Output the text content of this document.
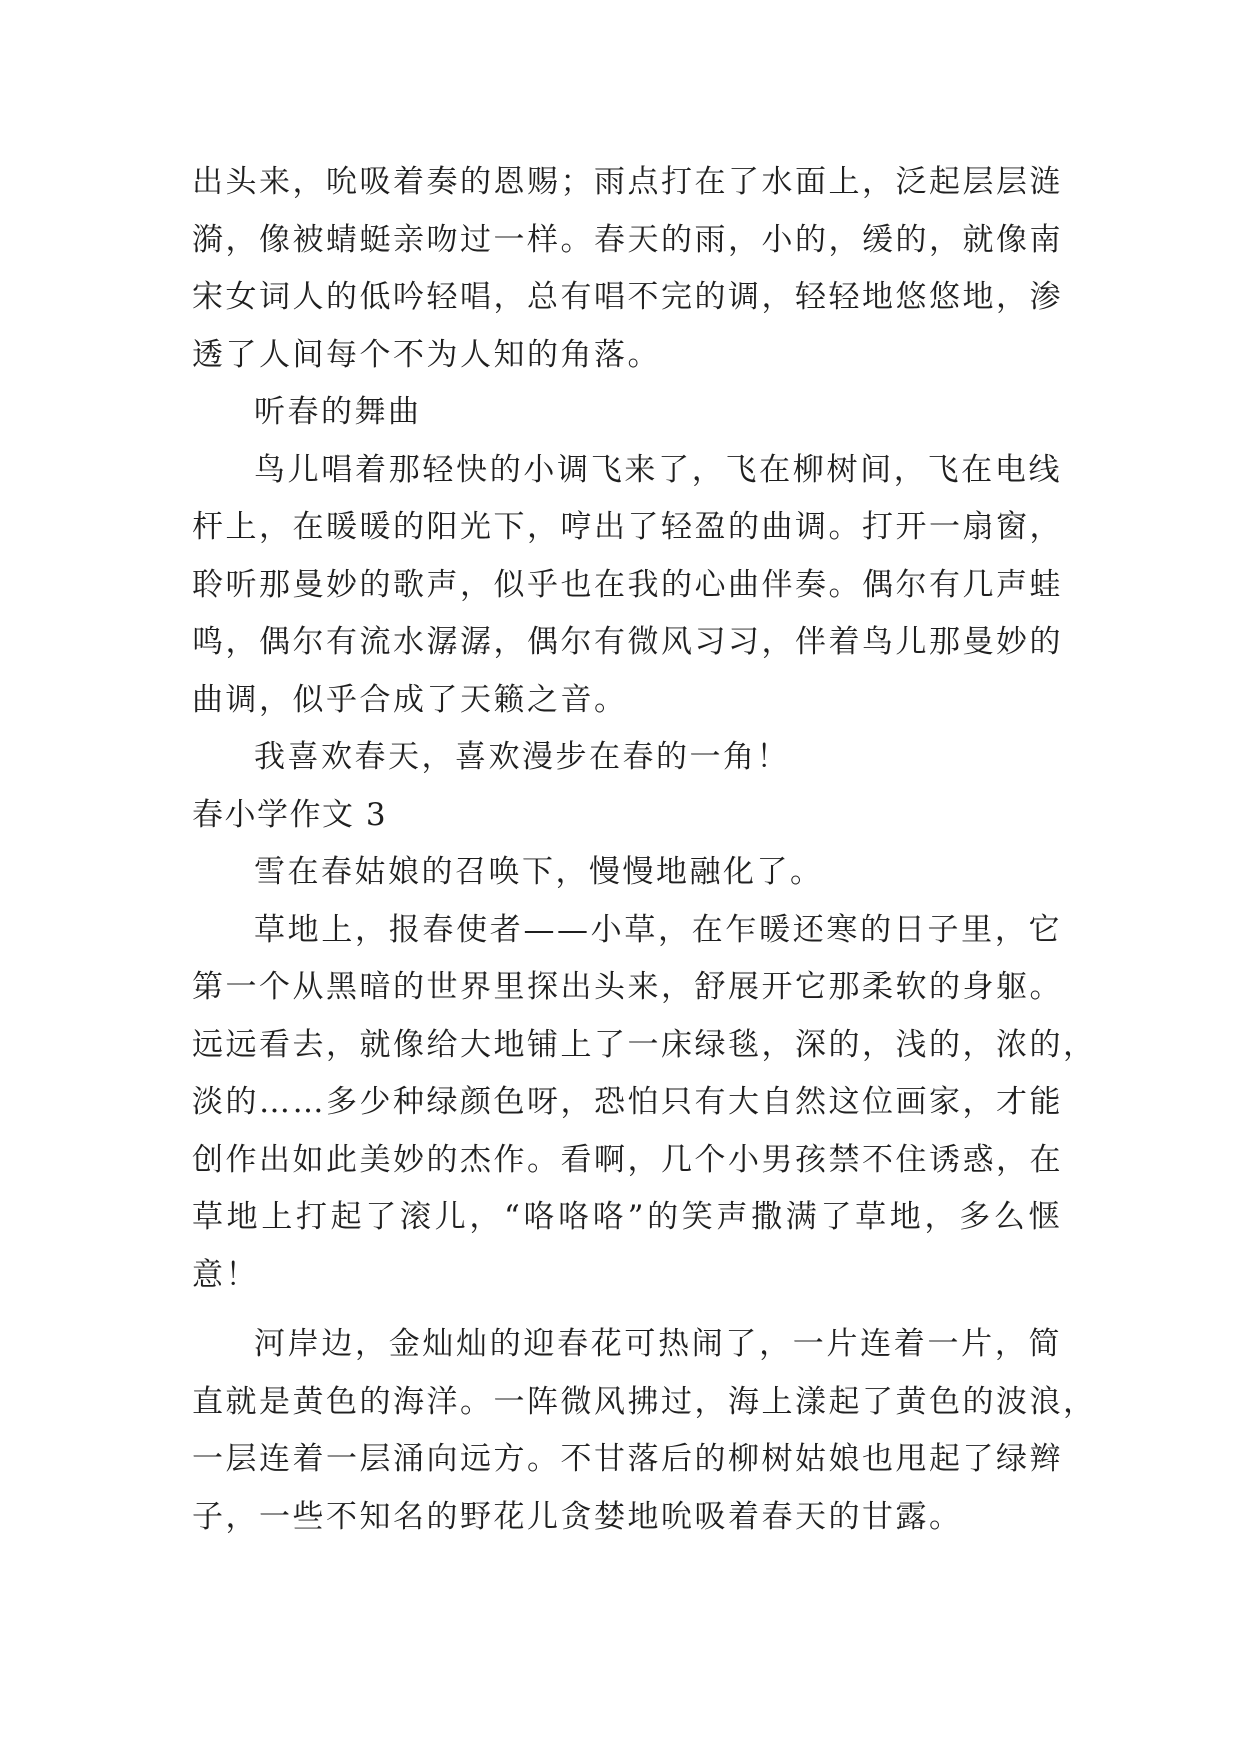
出头来，吮吸着奏的恩赐；雨点打在了水面上，泛起层层涟
漪，像被蜻蜓亲吻过一样。春天的雨，小的，缓的，就像南
宋女词人的低吟轻唱，总有唱不完的调，轻轻地悠悠地，渗
透了人间每个不为人知的角落。
听春的舞曲
鸟儿唱着那轻快的小调飞来了，飞在柳树间，飞在电线
杆上，在暖暖的阳光下，哼出了轻盈的曲调。打开一扇窗，
聆听那曼妙的歌声，似乎也在我的心曲伴奏。偶尔有几声蛙
鸣，偶尔有流水潺潺，偶尔有微风习习，伴着鸟儿那曼妙的
曲调，似乎合成了天籁之音。
我喜欢春天，喜欢漫步在春的一角！
春小学作文 3
雪在春姑娘的召唤下，慢慢地融化了。
草地上，报春使者——小草，在乍暖还寒的日子里，它
第一个从黑暗的世界里探出头来，舒展开它那柔软的身躯。
远远看去，就像给大地铺上了一床绿毯，深的，浅的，浓的，
淡的……多少种绿颜色呀，恐怕只有大自然这位画家，才能
创作出如此美妙的杰作。看啊，几个小男孩禁不住诱惑，在
草地上打起了滚儿，“咯咯咯”的笑声撒满了草地，多么惬
意！
河岸边，金灿灿的迎春花可热闹了，一片连着一片，简
直就是黄色的海洋。一阵微风拂过，海上漾起了黄色的波浪，
一层连着一层涌向远方。不甘落后的柳树姑娘也甩起了绿辫
子，一些不知名的野花儿贪婪地吮吸着春天的甘露。
